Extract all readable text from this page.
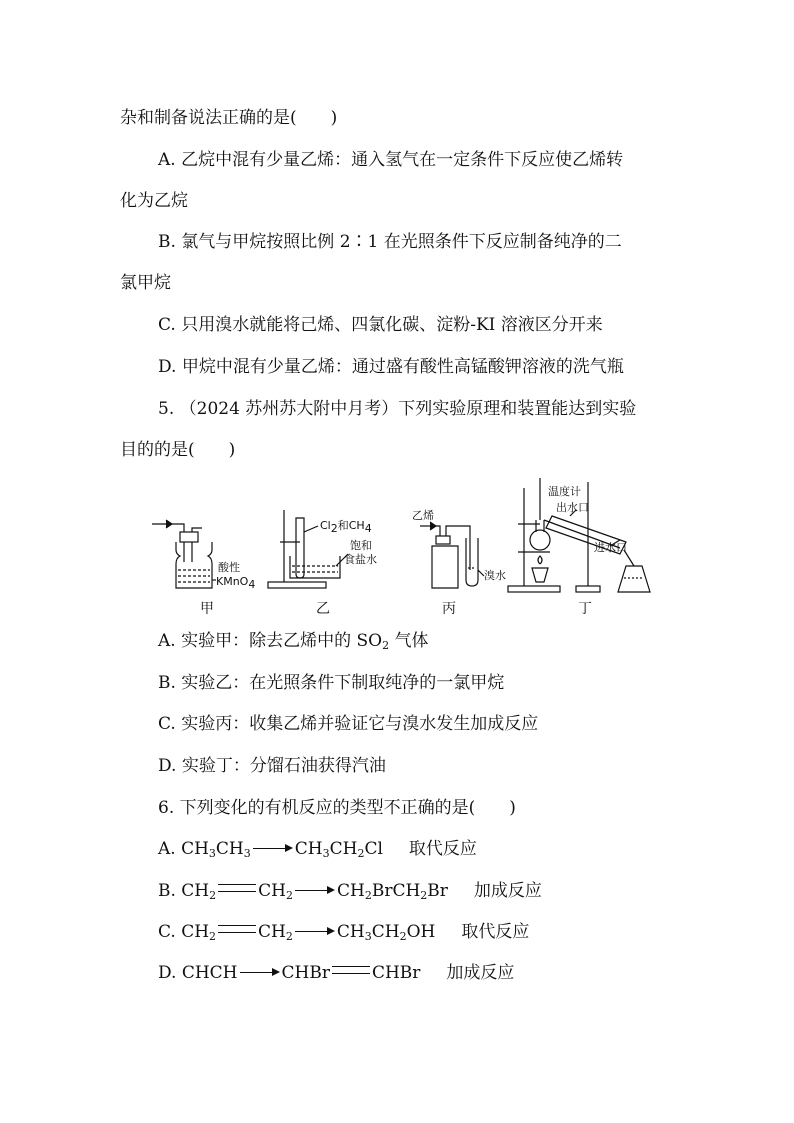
杂和制备说法正确的是(　　)
A. 乙烷中混有少量乙烯：通入氢气在一定条件下反应使乙烯转
化为乙烷
B. 氯气与甲烷按照比例 2∶1 在光照条件下反应制备纯净的二
氯甲烷
C. 只用溴水就能将己烯、四氯化碳、淀粉-KI 溶液区分开来
D. 甲烷中混有少量乙烯：通过盛有酸性高锰酸钾溶液的洗气瓶
5. （2024 苏州苏大附中月考）下列实验原理和装置能达到实验
目的的是(　　)
酸性
KMnO$_4$
$Cl_2$和$CH_4$
饱和
食盐水
乙烯
溴水
温度计
出水口
进水口
甲	乙	丙	丁
A. 实验甲：除去乙烯中的 $SO_2$ 气体
B. 实验乙：在光照条件下制取纯净的一氯甲烷
C. 实验丙：收集乙烯并验证它与溴水发生加成反应
D. 实验丁：分馏石油获得汽油
6. 下列变化的有机反应的类型不正确的是(　　)
A. $CH_3CH_3$	$CH_3CH_2Cl$ 取代反应
B. $CH_2$ $CH_2$	$CH_2BrCH_2Br$ 加成反应
C. $CH_2$ $CH_2$	$CH_3CH_2OH$ 取代反应
D. CHCH	CHBr CHBr 加成反应
